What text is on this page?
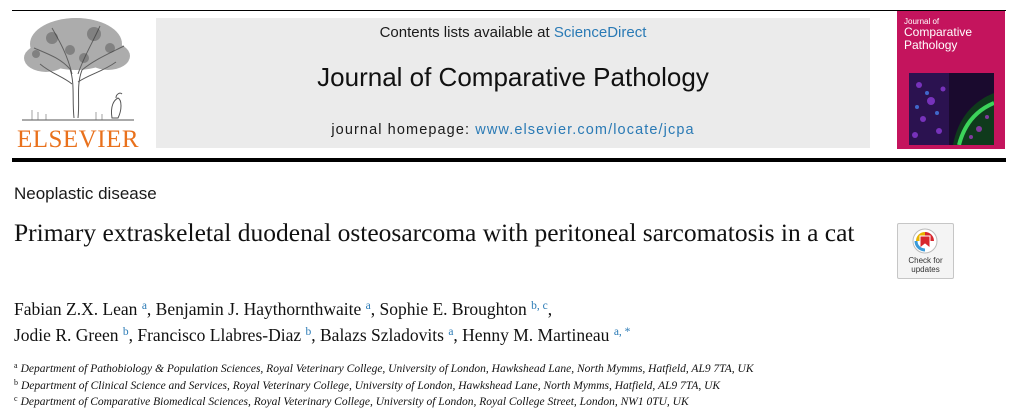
ELSEVIER
Contents lists available at ScienceDirect
Journal of Comparative Pathology
journal homepage: www.elsevier.com/locate/jcpa
Journal of
Comparative
Pathology
Neoplastic disease
Primary extraskeletal duodenal osteosarcoma with peritoneal sarcomatosis in a cat
Check for
updates
Fabian Z.X. Lean $^a$, Benjamin J. Haythornthwaite $^a$, Sophie E. Broughton $^{b, c}$,
Jodie R. Green $^b$, Francisco Llabres-Diaz $^b$, Balazs Szladovits $^a$, Henny M. Martineau $^{a, *}$
$^a$ Department of Pathobiology & Population Sciences, Royal Veterinary College, University of London, Hawkshead Lane, North Mymms, Hatfield, AL9 7TA, UK
$^b$ Department of Clinical Science and Services, Royal Veterinary College, University of London, Hawkshead Lane, North Mymms, Hatfield, AL9 7TA, UK
$^c$ Department of Comparative Biomedical Sciences, Royal Veterinary College, University of London, Royal College Street, London, NW1 0TU, UK
